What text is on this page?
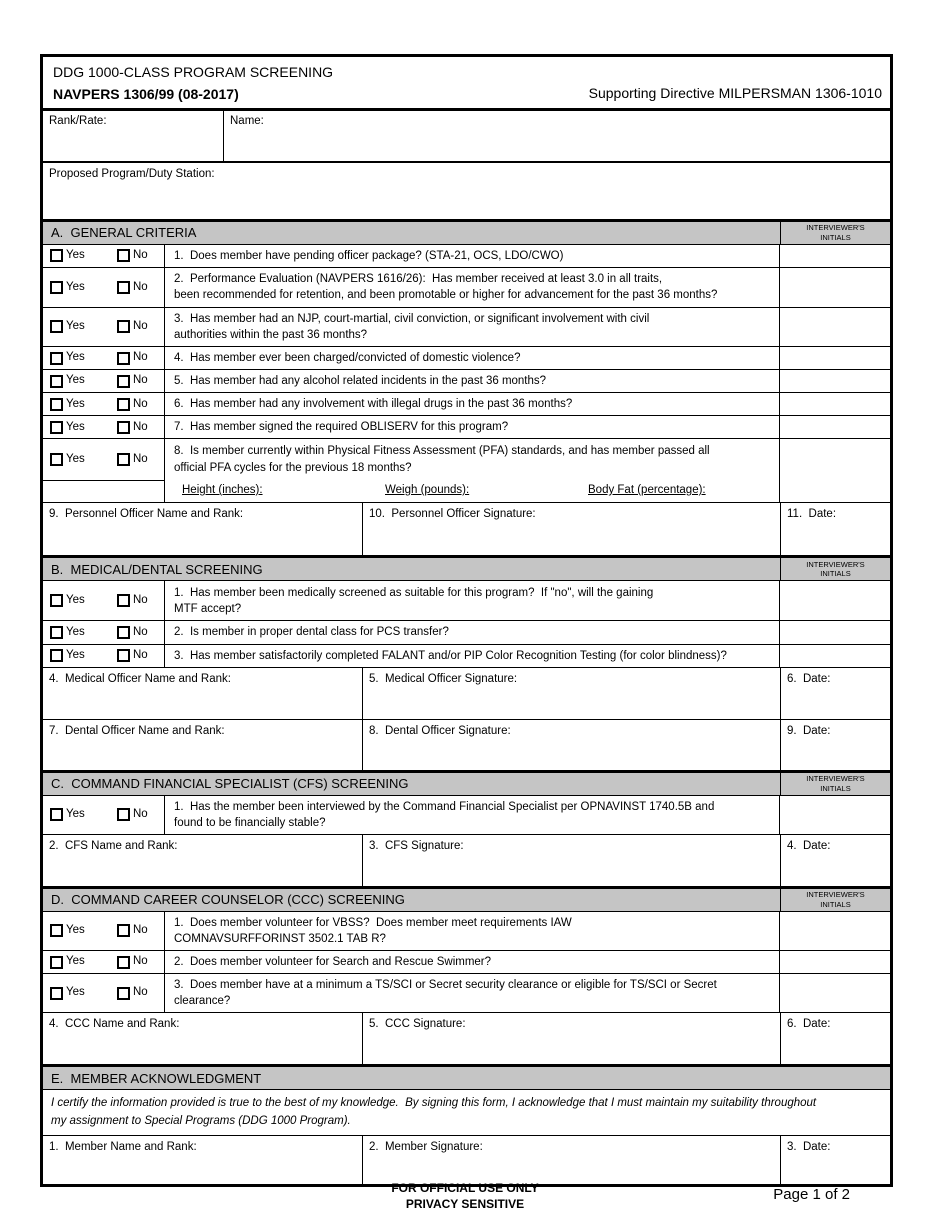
DDG 1000-CLASS PROGRAM SCREENING
NAVPERS 1306/99 (08-2017)	Supporting Directive MILPERSMAN 1306-1010
Rank/Rate:	Name:
Proposed Program/Duty Station:
A.  GENERAL CRITERIA	INTERVIEWER'S INITIALS
Yes	No 1.  Does member have pending officer package? (STA-21, OCS, LDO/CWO)
Yes	No
2.  Performance Evaluation (NAVPERS 1616/26):  Has member received at least 3.0 in all traits,
been recommended for retention, and been promotable or higher for advancement for the past 36 months?
Yes	No
3.  Has member had an NJP, court-martial, civil conviction, or significant involvement with civil
authorities within the past 36 months?
Yes	No 4.  Has member ever been charged/convicted of domestic violence?
Yes	No 5.  Has member had any alcohol related incidents in the past 36 months?
Yes	No 6.  Has member had any involvement with illegal drugs in the past 36 months?
Yes	No 7.  Has member signed the required OBLISERV for this program?
Yes	No
8.  Is member currently within Physical Fitness Assessment (PFA) standards, and has member passed all
official PFA cycles for the previous 18 months?
Height (inches):	Weigh (pounds):	Body Fat (percentage):
9.  Personnel Officer Name and Rank:	10.  Personnel Officer Signature:	11.  Date:
B.  MEDICAL/DENTAL SCREENING	INTERVIEWER'S INITIALS
Yes	No
1.  Has member been medically screened as suitable for this program?  If "no", will the gaining
MTF accept?
Yes	No 2.  Is member in proper dental class for PCS transfer?
Yes	No 3.  Has member satisfactorily completed FALANT and/or PIP Color Recognition Testing (for color blindness)?
4.  Medical Officer Name and Rank:	5.  Medical Officer Signature:	6.  Date:
7.  Dental Officer Name and Rank:	8.  Dental Officer Signature:	9.  Date:
C.  COMMAND FINANCIAL SPECIALIST (CFS) SCREENING	INTERVIEWER'S INITIALS
Yes	No
1.  Has the member been interviewed by the Command Financial Specialist per OPNAVINST 1740.5B and
found to be financially stable?
2.  CFS Name and Rank:	3.  CFS Signature:	4.  Date:
D.  COMMAND CAREER COUNSELOR (CCC) SCREENING	INTERVIEWER'S INITIALS
Yes	No
1.  Does member volunteer for VBSS?  Does member meet requirements IAW
COMNAVSURFFORINST 3502.1 TAB R?
Yes	No 2.  Does member volunteer for Search and Rescue Swimmer?
Yes	No
3.  Does member have at a minimum a TS/SCI or Secret security clearance or eligible for TS/SCI or Secret
clearance?
4.  CCC Name and Rank:	5.  CCC Signature:	6.  Date:
E.  MEMBER ACKNOWLEDGMENT
I certify the information provided is true to the best of my knowledge.  By signing this form, I acknowledge that I must maintain my suitability throughout
my assignment to Special Programs (DDG 1000 Program).
1.  Member Name and Rank:	2.  Member Signature:	3.  Date:
FOR OFFICIAL USE ONLY
PRIVACY SENSITIVE
Page 1 of 2
